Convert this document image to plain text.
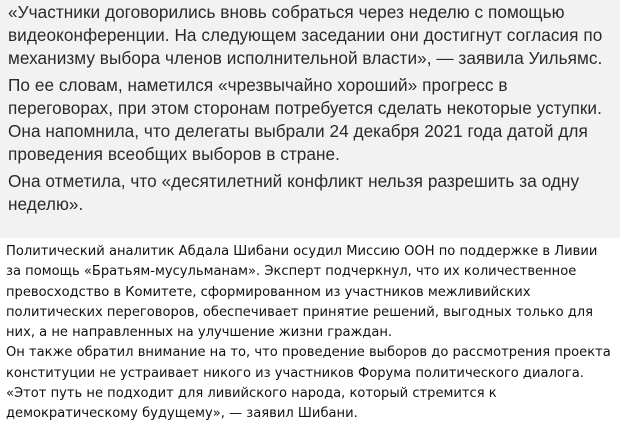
«Участники договорились вновь собраться через неделю с помощью видеоконференции. На следующем заседании они достигнут согласия по механизму выбора членов исполнительной власти», — заявила Уильямс.

По ее словам, наметился «чрезвычайно хороший» прогресс в переговорах, при этом сторонам потребуется сделать некоторые уступки. Она напомнила, что делегаты выбрали 24 декабря 2021 года датой для проведения всеобщих выборов в стране.

Она отметила, что «десятилетний конфликт нельзя разрешить за одну неделю».

Политический аналитик Абдала Шибани осудил Миссию ООН по поддержке в Ливии за помощь «Братьям-мусульманам». Эксперт подчеркнул, что их количественное превосходство в Комитете, сформированном из участников межливийских политических переговоров, обеспечивает принятие решений, выгодных только для них, а не направленных на улучшение жизни граждан.

Он также обратил внимание на то, что проведение выборов до рассмотрения проекта конституции не устраивает никого из участников Форума политического диалога. «Этот путь не подходит для ливийского народа, который стремится к демократическому будущему», — заявил Шибани.
